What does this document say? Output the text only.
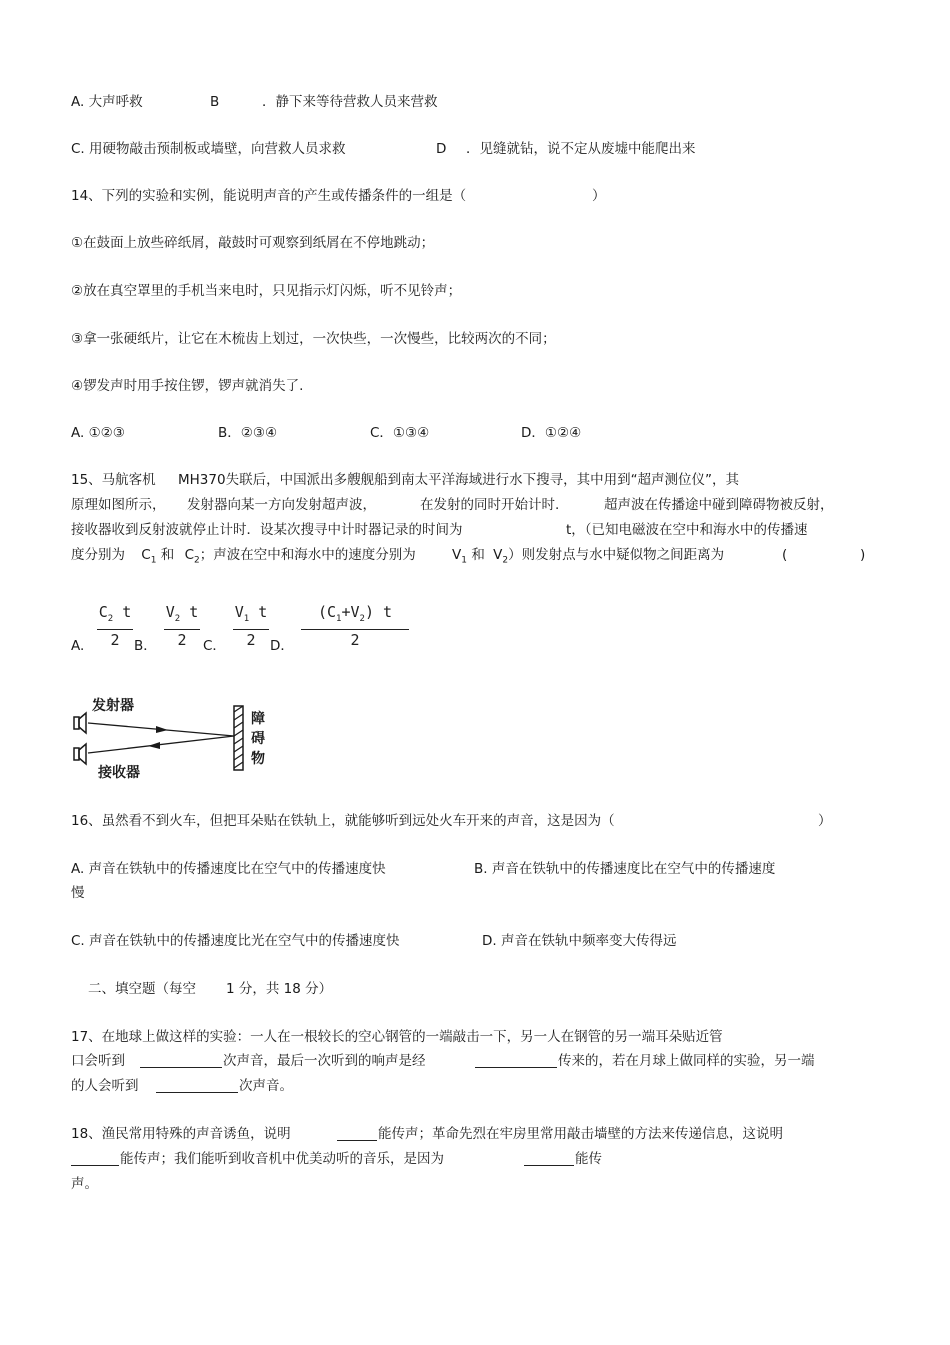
A. 大声呼救	B	．静下来等待营救人员来营救
C. 用硬物敲击预制板或墙壁，向营救人员求救	D ．见缝就钻，说不定从废墟中能爬出来
14、下列的实验和实例，能说明声音的产生或传播条件的一组是（	）
①在鼓面上放些碎纸屑，敲鼓时可观察到纸屑在不停地跳动；
②放在真空罩里的手机当来电时，只见指示灯闪烁，听不见铃声；
③拿一张硬纸片，让它在木梳齿上划过，一次快些，一次慢些，比较两次的不同；
④锣发声时用手按住锣，锣声就消失了.
A. ①②③	B．②③④	C．①③④	D．①②④
15、马航客机 MH370失联后，中国派出多艘舰船到南太平洋海域进行水下搜寻，其中用到“超声测位仪”，其
原理如图所示， 发射器向某一方向发射超声波，	在发射的同时开始计时.	超声波在传播途中碰到障碍物被反射，
接收器收到反射波就停止计时．设某次搜寻中计时器记录的时间为	t，（已知电磁波在空中和海水中的传播速
度分别为 $C_1$ 和 $C_2$；声波在空中和海水中的速度分别为	$V_1$ 和 $V_2$）则发射点与水中疑似物之间距离为	(	)
A.
$C_2$  t
2	B．
$V_2$  t
2	C．
$V_1$  t
2	D．
$(C_1+V_2)$ t
2
发射器
障
碍
物
接收器
16、虽然看不到火车，但把耳朵贴在铁轨上，就能够听到远处火车开来的声音，这是因为（	）
A. 声音在铁轨中的传播速度比在空气中的传播速度快	B. 声音在铁轨中的传播速度比在空气中的传播速度
慢
C. 声音在铁轨中的传播速度比光在空气中的传播速度快	D. 声音在铁轨中频率变大传得远
二、填空题（每空 1 分，共 18 分）
17、在地球上做这样的实验：一人在一根较长的空心钢管的一端敲击一下，另一人在钢管的另一端耳朵贴近管
口会听到	次声音，最后一次听到的响声是经	传来的，若在月球上做同样的实验，另一端
的人会听到	次声音。
18、渔民常用特殊的声音诱鱼，说明	能传声；革命先烈在牢房里常用敲击墙壁的方法来传递信息，这说明
能传声；我们能听到收音机中优美动听的音乐，是因为	能传
声。
